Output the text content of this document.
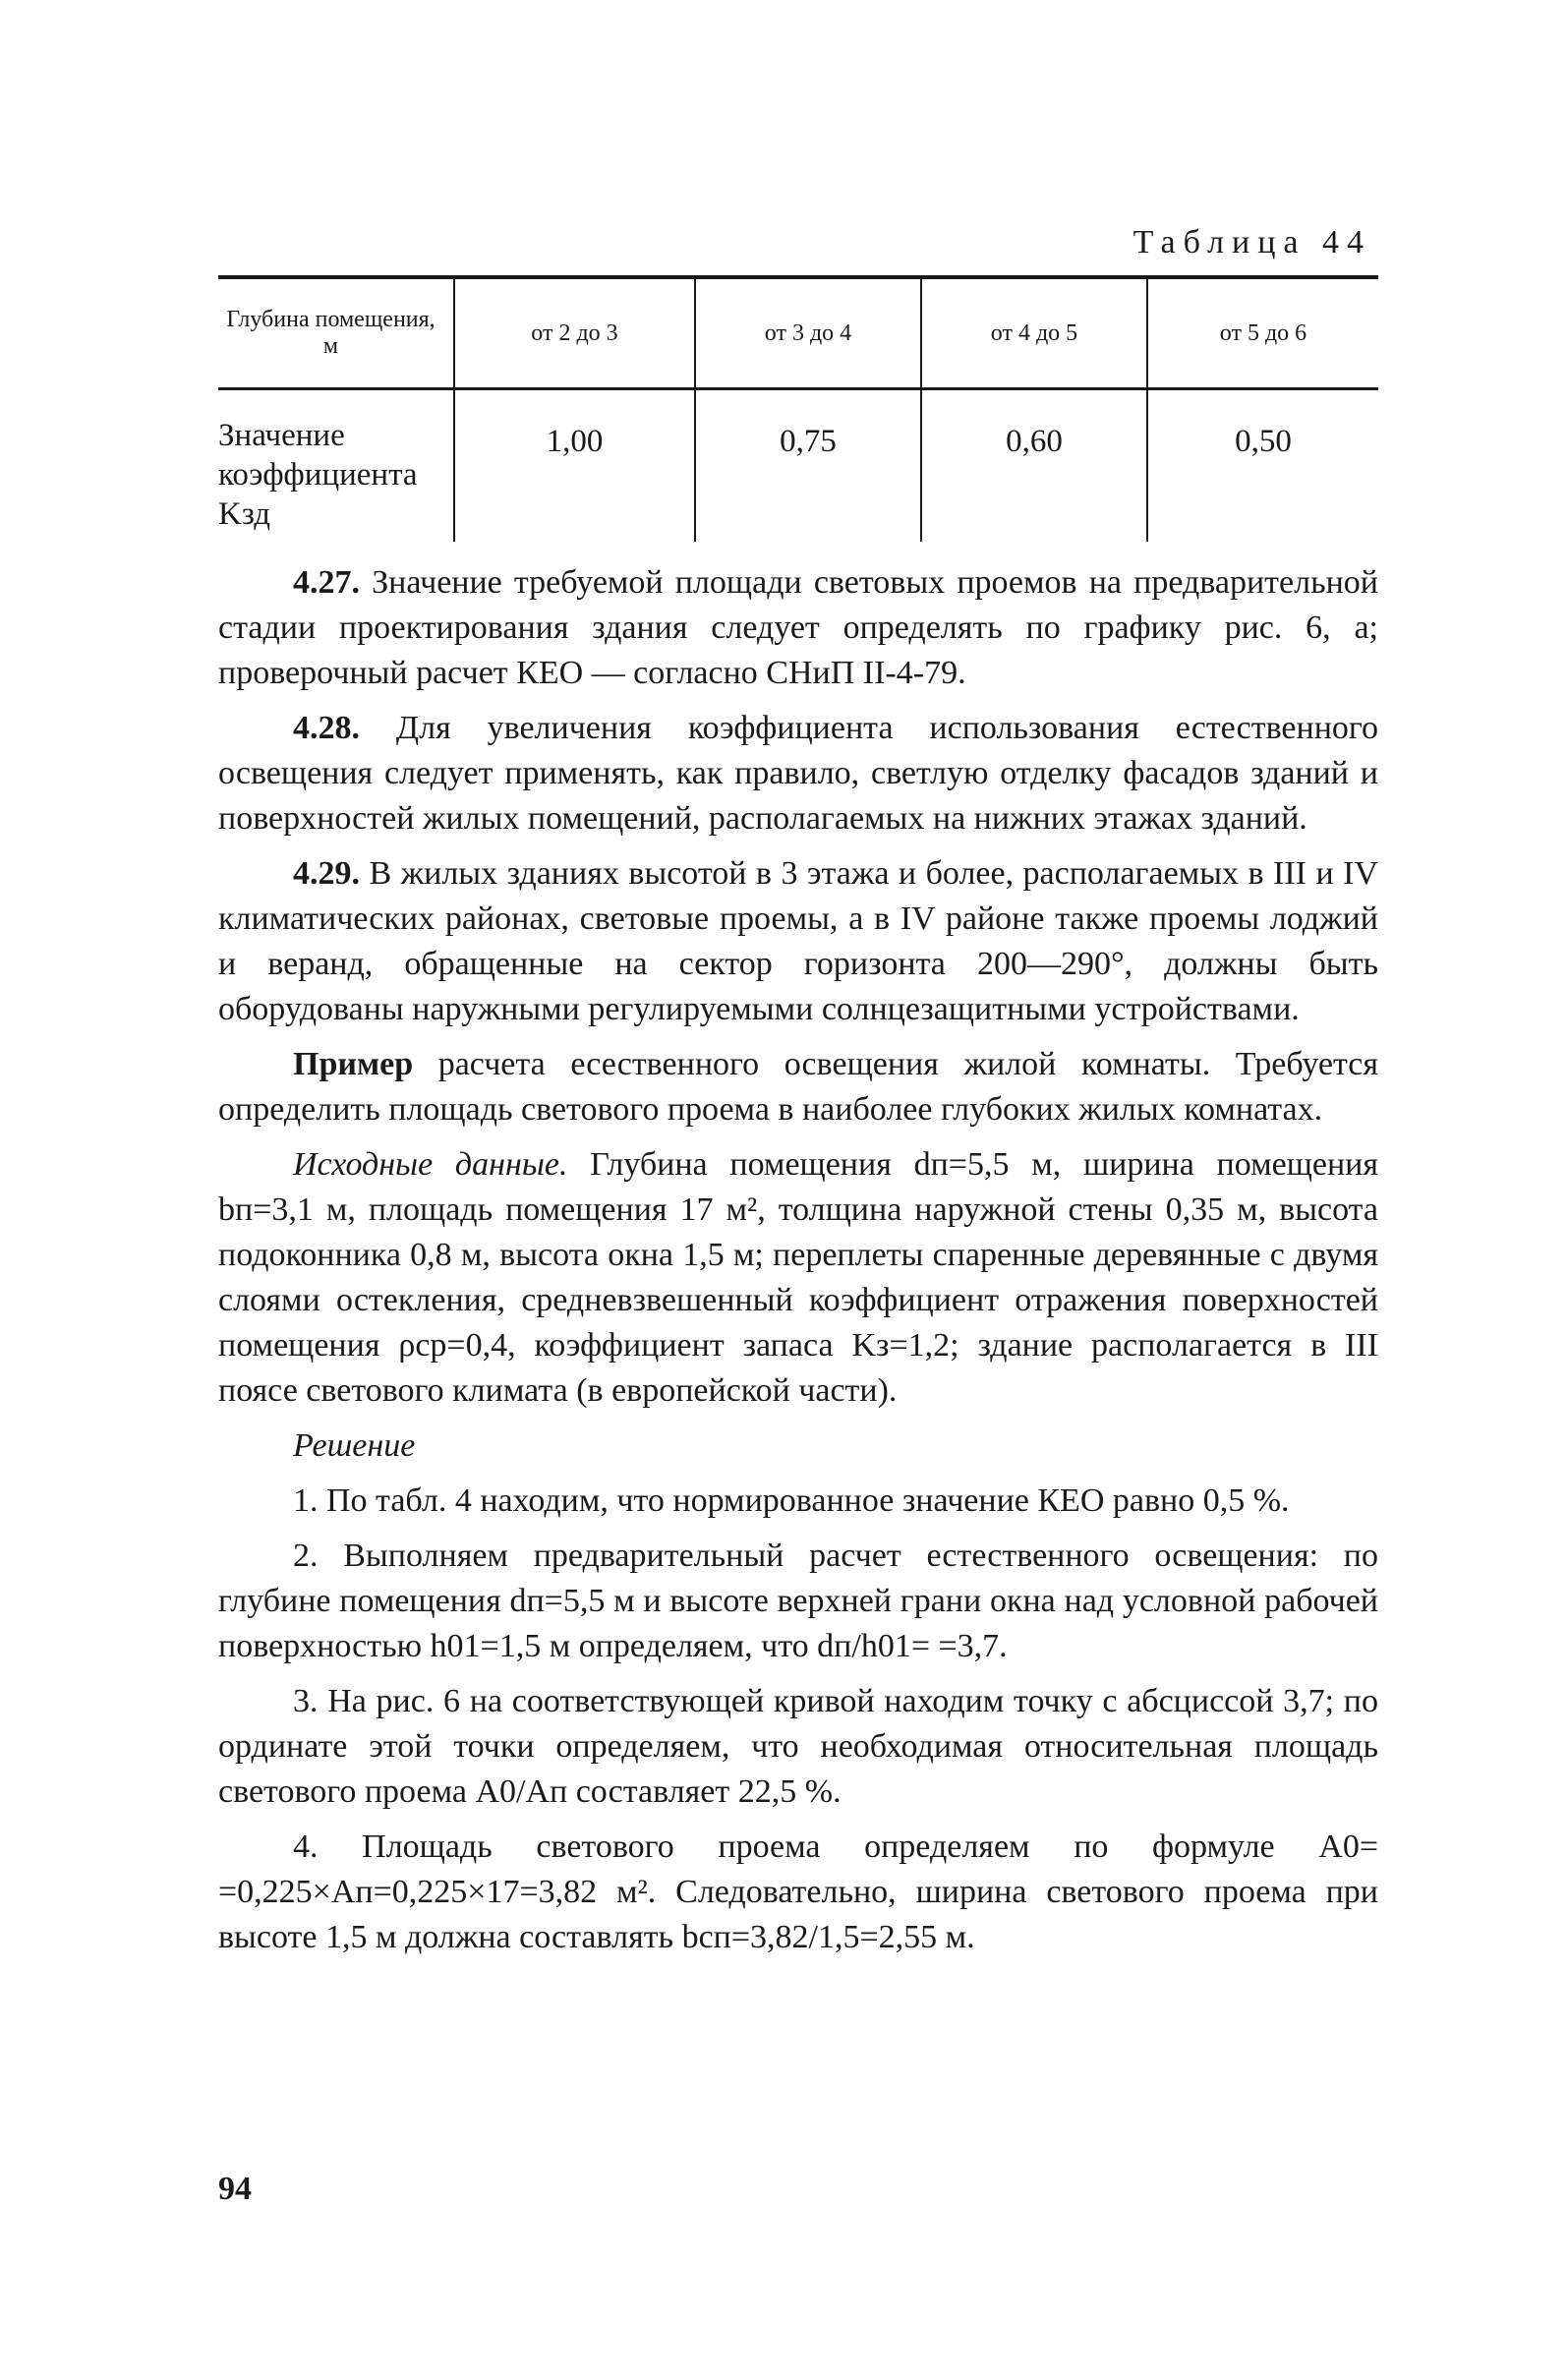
Таблица 44
Глубина помещения, м	от 2 до 3	от 3 до 4	от 4 до 5	от 5 до 6
Значение коэффициента Kзд	1,00	0,75	0,60	0,50

4.27. Значение требуемой площади световых проемов на предварительной стадии проектирования здания следует определять по графику рис. 6, а; проверочный расчет КЕО — согласно СНиП II-4-79.

4.28. Для увеличения коэффициента использования естественного освещения следует применять, как правило, светлую отделку фасадов зданий и поверхностей жилых помещений, располагаемых на нижних этажах зданий.

4.29. В жилых зданиях высотой в 3 этажа и более, располагаемых в III и IV климатических районах, световые проемы, а в IV районе также проемы лоджий и веранд, обращенные на сектор горизонта 200—290°, должны быть оборудованы наружными регулируемыми солнцезащитными устройствами.

Пример расчета есественного освещения жилой комнаты. Требуется определить площадь светового проема в наиболее глубоких жилых комнатах.

Исходные данные. Глубина помещения dп=5,5 м, ширина помещения bп=3,1 м, площадь помещения 17 м², толщина наружной стены 0,35 м, высота подоконника 0,8 м, высота окна 1,5 м; переплеты спаренные деревянные с двумя слоями остекления, средневзвешенный коэффициент отражения поверхностей помещения ρср=0,4, коэффициент запаса Kз=1,2; здание располагается в III поясе светового климата (в европейской части).

Решение

1. По табл. 4 находим, что нормированное значение КЕО равно 0,5 %.

2. Выполняем предварительный расчет естественного освещения: по глубине помещения dп=5,5 м и высоте верхней грани окна над условной рабочей поверхностью h01=1,5 м определяем, что dп/h01= =3,7.

3. На рис. 6 на соответствующей кривой находим точку с абсциссой 3,7; по ординате этой точки определяем, что необходимая относительная площадь светового проема A0/Aп составляет 22,5 %.

4. Площадь светового проема определяем по формуле A0= =0,225×Aп=0,225×17=3,82 м². Следовательно, ширина светового проема при высоте 1,5 м должна составлять bсп=3,82/1,5=2,55 м.

94
